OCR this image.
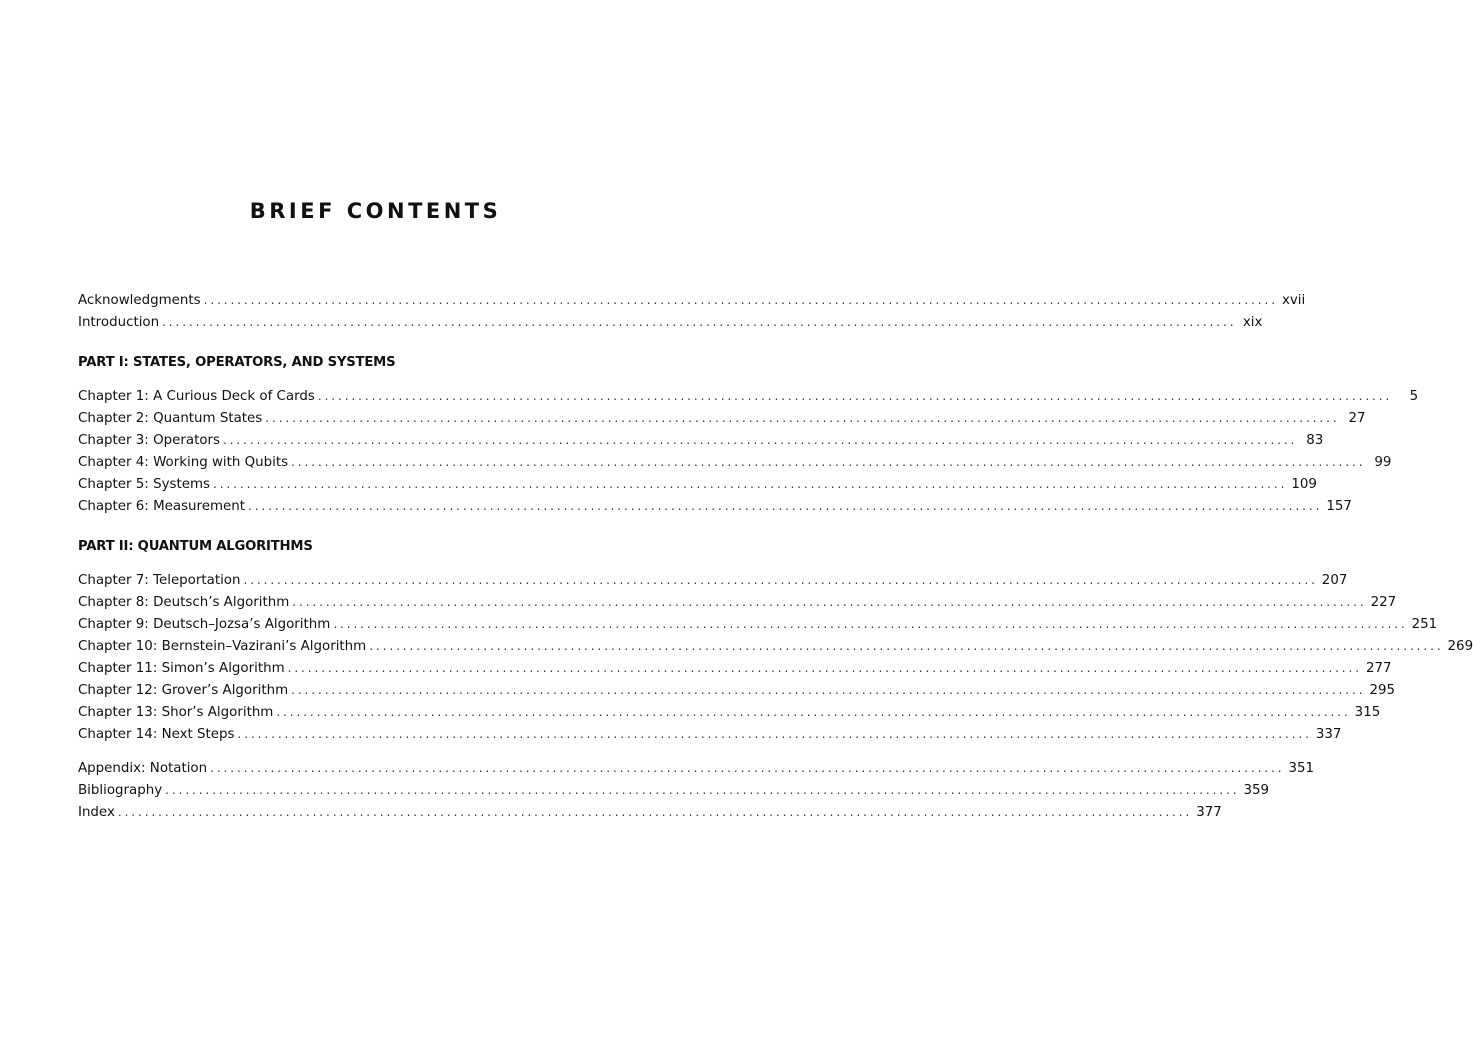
BRIEF CONTENTS
Acknowledgments ................................................................................................................................................................ xvii
Introduction ................................................................................................................................................................ xix
PART I: STATES, OPERATORS, AND SYSTEMS
Chapter 1: A Curious Deck of Cards ................................................................................................................................................................	5
Chapter 2: Quantum States ................................................................................................................................................................ 27
Chapter 3: Operators ................................................................................................................................................................ 83
Chapter 4: Working with Qubits ................................................................................................................................................................ 99
Chapter 5: Systems ................................................................................................................................................................ 109
Chapter 6: Measurement ................................................................................................................................................................ 157
PART II: QUANTUM ALGORITHMS
Chapter 7: Teleportation ................................................................................................................................................................ 207
Chapter 8: Deutsch’s Algorithm ................................................................................................................................................................ 227
Chapter 9: Deutsch–Jozsa’s Algorithm ................................................................................................................................................................ 251
Chapter 10: Bernstein–Vazirani’s Algorithm ................................................................................................................................................................ 269
Chapter 11: Simon’s Algorithm ................................................................................................................................................................ 277
Chapter 12: Grover’s Algorithm ................................................................................................................................................................ 295
Chapter 13: Shor’s Algorithm ................................................................................................................................................................ 315
Chapter 14: Next Steps ................................................................................................................................................................ 337
Appendix: Notation ................................................................................................................................................................ 351
Bibliography ................................................................................................................................................................ 359
Index ................................................................................................................................................................ 377
